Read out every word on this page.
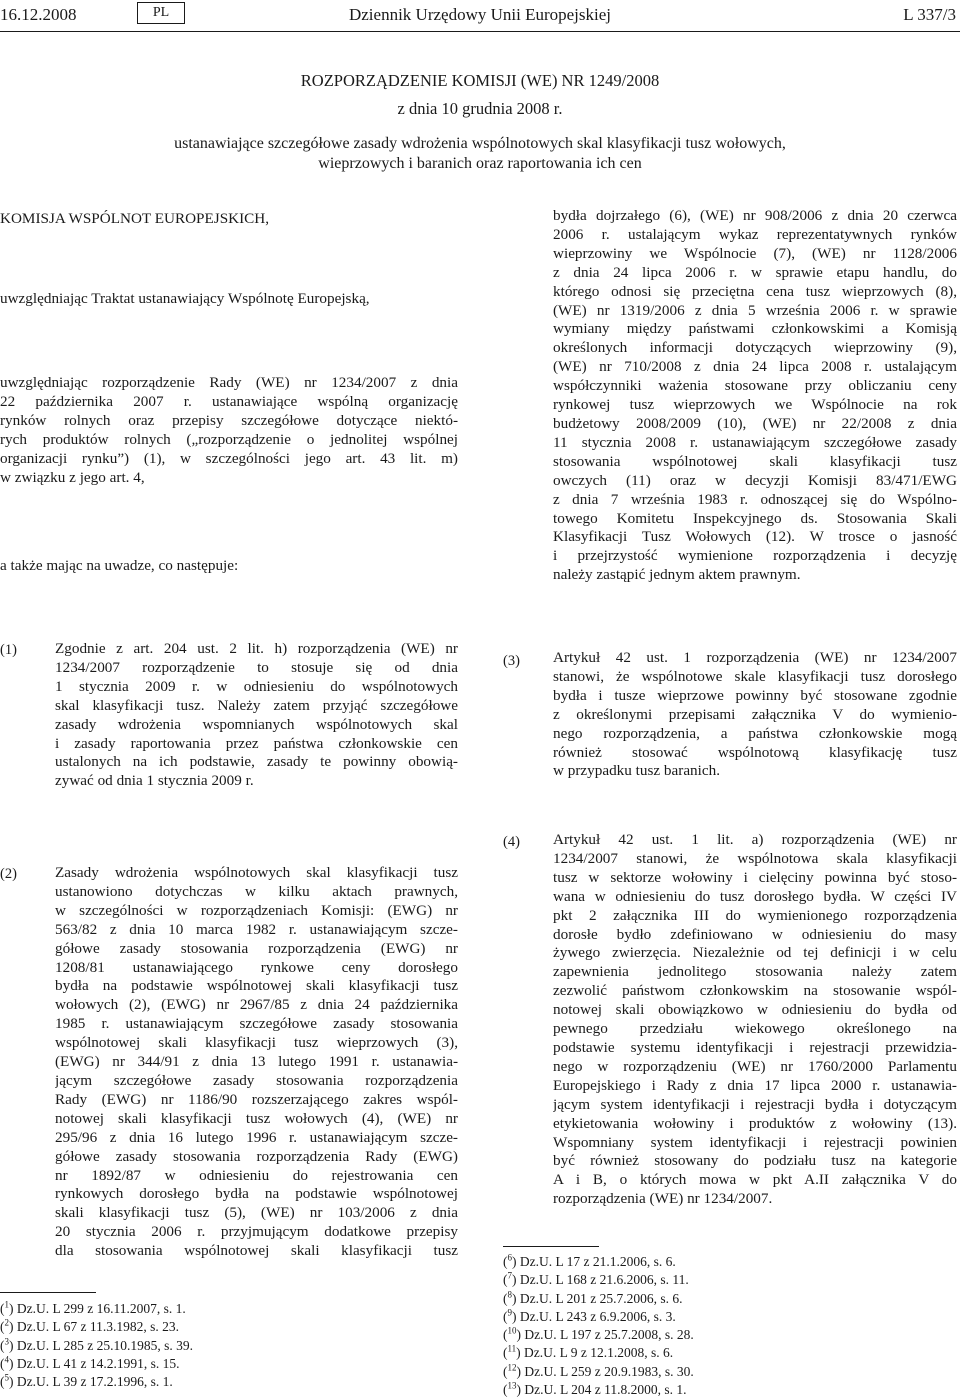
16.12.2008	PL	Dziennik Urzędowy Unii Europejskiej	L 337/3
ROZPORZĄDZENIE KOMISJI (WE) NR 1249/2008
z dnia 10 grudnia 2008 r.
ustanawiające szczegółowe zasady wdrożenia wspólnotowych skal klasyfikacji tusz wołowych,
wieprzowych i baranich oraz raportowania ich cen
KOMISJA WSPÓLNOT EUROPEJSKICH,
uwzględniając Traktat ustanawiający Wspólnotę Europejską,
uwzględniając rozporządzenie Rady (WE) nr 1234/2007 z dnia
22 października 2007 r. ustanawiające wspólną organizację
rynków rolnych oraz przepisy szczegółowe dotyczące niektó-
rych produktów rolnych („rozporządzenie o jednolitej wspólnej
organizacji rynku”) (1), w szczególności jego art. 43 lit. m)
w związku z jego art. 4,
a także mając na uwadze, co następuje:
(1)	Zgodnie z art. 204 ust. 2 lit. h) rozporządzenia (WE) nr
1234/2007 rozporządzenie to stosuje się od dnia
1 stycznia 2009 r. w odniesieniu do wspólnotowych
skal klasyfikacji tusz. Należy zatem przyjąć szczegółowe
zasady wdrożenia wspomnianych wspólnotowych skal
i zasady raportowania przez państwa członkowskie cen
ustalonych na ich podstawie, zasady te powinny obowią-
zywać od dnia 1 stycznia 2009 r.
(2)	Zasady wdrożenia wspólnotowych skal klasyfikacji tusz
ustanowiono dotychczas w kilku aktach prawnych,
w szczególności w rozporządzeniach Komisji: (EWG) nr
563/82 z dnia 10 marca 1982 r. ustanawiającym szcze-
gółowe zasady stosowania rozporządzenia (EWG) nr
1208/81 ustanawiającego rynkowe ceny dorosłego
bydła na podstawie wspólnotowej skali klasyfikacji tusz
wołowych (2), (EWG) nr 2967/85 z dnia 24 października
1985 r. ustanawiającym szczegółowe zasady stosowania
wspólnotowej skali klasyfikacji tusz wieprzowych (3),
(EWG) nr 344/91 z dnia 13 lutego 1991 r. ustanawia-
jącym szczegółowe zasady stosowania rozporządzenia
Rady (EWG) nr 1186/90 rozszerzającego zakres wspól-
notowej skali klasyfikacji tusz wołowych (4), (WE) nr
295/96 z dnia 16 lutego 1996 r. ustanawiającym szcze-
gółowe zasady stosowania rozporządzenia Rady (EWG)
nr 1892/87 w odniesieniu do rejestrowania cen
rynkowych dorosłego bydła na podstawie wspólnotowej
skali klasyfikacji tusz (5), (WE) nr 103/2006 z dnia
20 stycznia 2006 r. przyjmującym dodatkowe przepisy
dla stosowania wspólnotowej skali klasyfikacji tusz
($^1$) Dz.U. L 299 z 16.11.2007, s. 1.
($^2$) Dz.U. L 67 z 11.3.1982, s. 23.
($^3$) Dz.U. L 285 z 25.10.1985, s. 39.
($^4$) Dz.U. L 41 z 14.2.1991, s. 15.
($^5$) Dz.U. L 39 z 17.2.1996, s. 1.
bydła dojrzałego (6), (WE) nr 908/2006 z dnia 20 czerwca
2006 r. ustalającym wykaz reprezentatywnych rynków
wieprzowiny we Wspólnocie (7), (WE) nr 1128/2006
z dnia 24 lipca 2006 r. w sprawie etapu handlu, do
którego odnosi się przeciętna cena tusz wieprzowych (8),
(WE) nr 1319/2006 z dnia 5 września 2006 r. w sprawie
wymiany między państwami członkowskimi a Komisją
określonych informacji dotyczących wieprzowiny (9),
(WE) nr 710/2008 z dnia 24 lipca 2008 r. ustalającym
współczynniki ważenia stosowane przy obliczaniu ceny
rynkowej tusz wieprzowych we Wspólnocie na rok
budżetowy 2008/2009 (10), (WE) nr 22/2008 z dnia
11 stycznia 2008 r. ustanawiającym szczegółowe zasady
stosowania wspólnotowej skali klasyfikacji tusz
owczych (11) oraz w decyzji Komisji 83/471/EWG
z dnia 7 września 1983 r. odnoszącej się do Wspólno-
towego Komitetu Inspekcyjnego ds. Stosowania Skali
Klasyfikacji Tusz Wołowych (12). W trosce o jasność
i przejrzystość wymienione rozporządzenia i decyzję
należy zastąpić jednym aktem prawnym.
(3) Artykuł 42 ust. 1 rozporządzenia (WE) nr 1234/2007
stanowi, że wspólnotowe skale klasyfikacji tusz dorosłego
bydła i tusze wieprzowe powinny być stosowane zgodnie
z określonymi przepisami załącznika V do wymienio-
nego rozporządzenia, a państwa członkowskie mogą
również stosować wspólnotową klasyfikację tusz
w przypadku tusz baranich.
(4) Artykuł 42 ust. 1 lit. a) rozporządzenia (WE) nr
1234/2007 stanowi, że wspólnotowa skala klasyfikacji
tusz w sektorze wołowiny i cielęciny powinna być stoso-
wana w odniesieniu do tusz dorosłego bydła. W części IV
pkt 2 załącznika III do wymienionego rozporządzenia
dorosłe bydło zdefiniowano w odniesieniu do masy
żywego zwierzęcia. Niezależnie od tej definicji i w celu
zapewnienia jednolitego stosowania należy zatem
zezwolić państwom członkowskim na stosowanie wspól-
notowej skali obowiązkowo w odniesieniu do bydła od
pewnego przedziału wiekowego określonego na
podstawie systemu identyfikacji i rejestracji przewidzia-
nego w rozporządzeniu (WE) nr 1760/2000 Parlamentu
Europejskiego i Rady z dnia 17 lipca 2000 r. ustanawia-
jącym system identyfikacji i rejestracji bydła i dotyczącym
etykietowania wołowiny i produktów z wołowiny (13).
Wspomniany system identyfikacji i rejestracji powinien
być również stosowany do podziału tusz na kategorie
A i B, o których mowa w pkt A.II załącznika V do
rozporządzenia (WE) nr 1234/2007.
($^6$) Dz.U. L 17 z 21.1.2006, s. 6.
($^7$) Dz.U. L 168 z 21.6.2006, s. 11.
($^8$) Dz.U. L 201 z 25.7.2006, s. 6.
($^9$) Dz.U. L 243 z 6.9.2006, s. 3.
($^{10}$) Dz.U. L 197 z 25.7.2008, s. 28.
($^{11}$) Dz.U. L 9 z 12.1.2008, s. 6.
($^{12}$) Dz.U. L 259 z 20.9.1983, s. 30.
($^{13}$) Dz.U. L 204 z 11.8.2000, s. 1.
